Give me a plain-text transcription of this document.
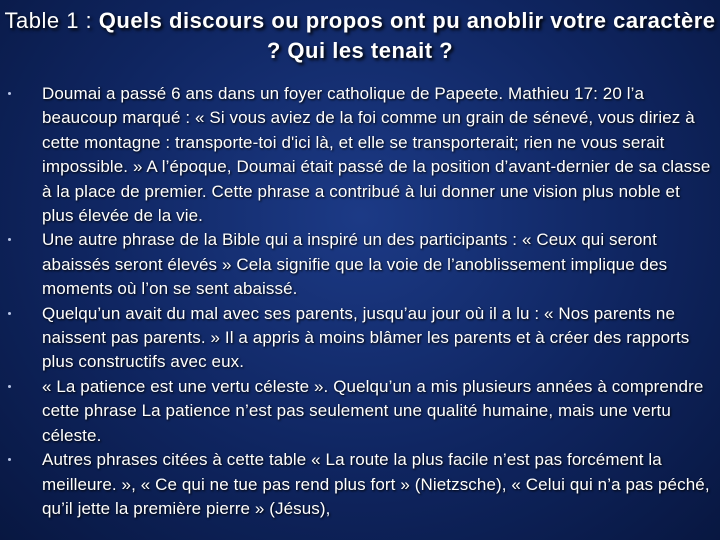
Table 1 : Quels discours ou propos ont pu anoblir votre caractère ? Qui les tenait ?
Doumai a passé 6 ans dans un foyer catholique de Papeete. Mathieu 17: 20 l’a beaucoup marqué : « Si vous aviez de la foi comme un grain de sénevé, vous diriez à cette montagne : transporte-toi d'ici là, et elle se transporterait; rien ne vous serait impossible. » A l’époque, Doumai était passé de la position d’avant-dernier de sa classe à la place de premier. Cette phrase a contribué à lui donner une vision plus noble et plus élevée de la vie.
Une autre phrase de la Bible qui a inspiré un des participants : « Ceux qui seront abaissés seront élevés » Cela signifie que la voie de l’anoblissement implique des moments où l’on se sent abaissé.
Quelqu’un avait du mal avec ses parents, jusqu’au jour où il a lu : « Nos parents ne naissent pas parents. » Il a appris à moins blâmer les parents et à créer des rapports plus constructifs avec eux.
« La patience est une vertu céleste ». Quelqu’un a mis plusieurs années à comprendre cette phrase La patience n’est pas seulement une qualité humaine, mais une vertu céleste.
Autres phrases citées à cette table « La route la plus facile n’est pas forcément la meilleure. », « Ce qui ne tue pas rend plus fort » (Nietzsche), « Celui qui n’a pas péché, qu’il jette la première pierre » (Jésus),
